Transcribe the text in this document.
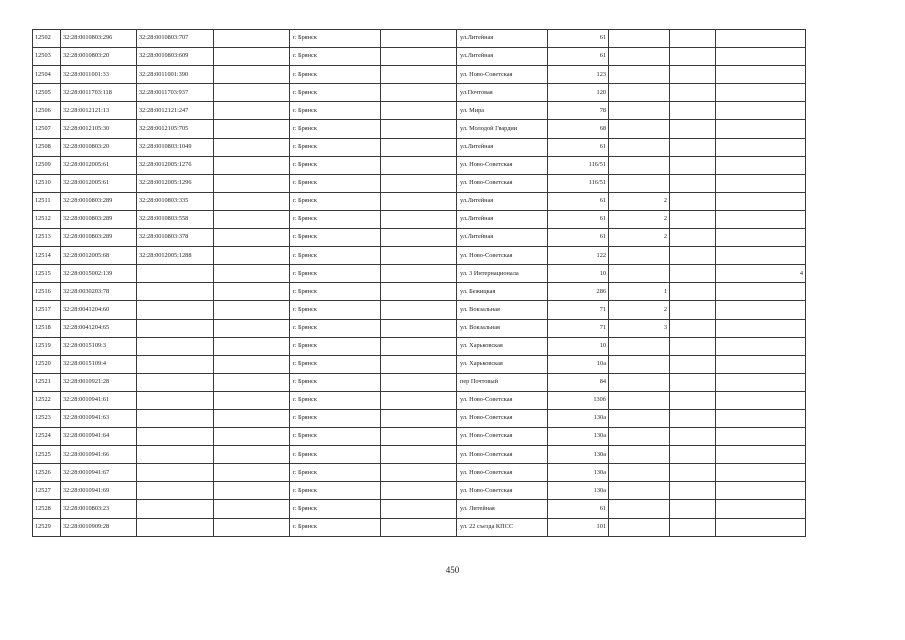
12502	32:28:0010803:296	32:28:0010803:707		г. Брянск		ул.Литейная	61			
12503	32:28:0010803:20	32:28:0010803:609		г. Брянск		ул.Литейная	61			
12504	32:28:0011001:33	32:28:0011001:390		г. Брянск		ул. Ново-Советская	123			
12505	32:28:0011703:118	32:28:0011703:937		г. Брянск		ул.Почтовая	120			
12506	32:28:0012121:13	32:28:0012121:247		г. Брянск		ул. Мира	78			
12507	32:28:0012105:30	32:28:0012105:705		г. Брянск		ул. Молодой Гвардии	68			
12508	32:28:0010803:20	32:28:0010803:1049		г. Брянск		ул.Литейная	61			
12509	32:28:0012005:61	32:28:0012005:1276		г. Брянск		ул. Ново-Советская	116/51			
12510	32:28:0012005:61	32:28:0012005:1296		г. Брянск		ул. Ново-Советская	116/51			
12511	32:28:0010803:289	32:28:0010803:335		г. Брянск		ул.Литейная	61	2		
12512	32:28:0010803:289	32:28:0010803:558		г. Брянск		ул.Литейная	61	2		
12513	32:28:0010803:289	32:28:0010803:378		г. Брянск		ул.Литейная	61	2		
12514	32:28:0012005:68	32:28:0012005:1288		г. Брянск		ул. Ново-Советская	122			
12515	32:28:0015002:139			г. Брянск		ул. 3 Интернационала	10			4
12516	32:28:0030203:78			г. Брянск		ул. Бежицкая	286	1		
12517	32:28:0041204:60			г. Брянск		ул. Вокзальная	71	2		
12518	32:28:0041204:65			г. Брянск		ул. Вокзальная	71	3		
12519	32:28:0015109:3			г. Брянск		ул. Харьковская	10			
12520	32:28:0015109:4			г. Брянск		ул. Харьковская	10а			
12521	32:28:0010921:28			г. Брянск		пер Почтовый	84			
12522	32:28:0010941:61			г. Брянск		ул. Ново-Советская	130б			
12523	32:28:0010941:63			г. Брянск		ул. Ново-Советская	130а			
12524	32:28:0010941:64			г. Брянск		ул. Ново-Советская	130а			
12525	32:28:0010941:66			г. Брянск		ул. Ново-Советская	130а			
12526	32:28:0010941:67			г. Брянск		ул. Ново-Советская	130а			
12527	32:28:0010941:69			г. Брянск		ул. Ново-Советская	130а			
12528	32:28:0010803:23			г. Брянск		ул. Литейная	61			
12529	32:28:0010909:28			г. Брянск		ул. 22 съезда КПСС	101			
450
